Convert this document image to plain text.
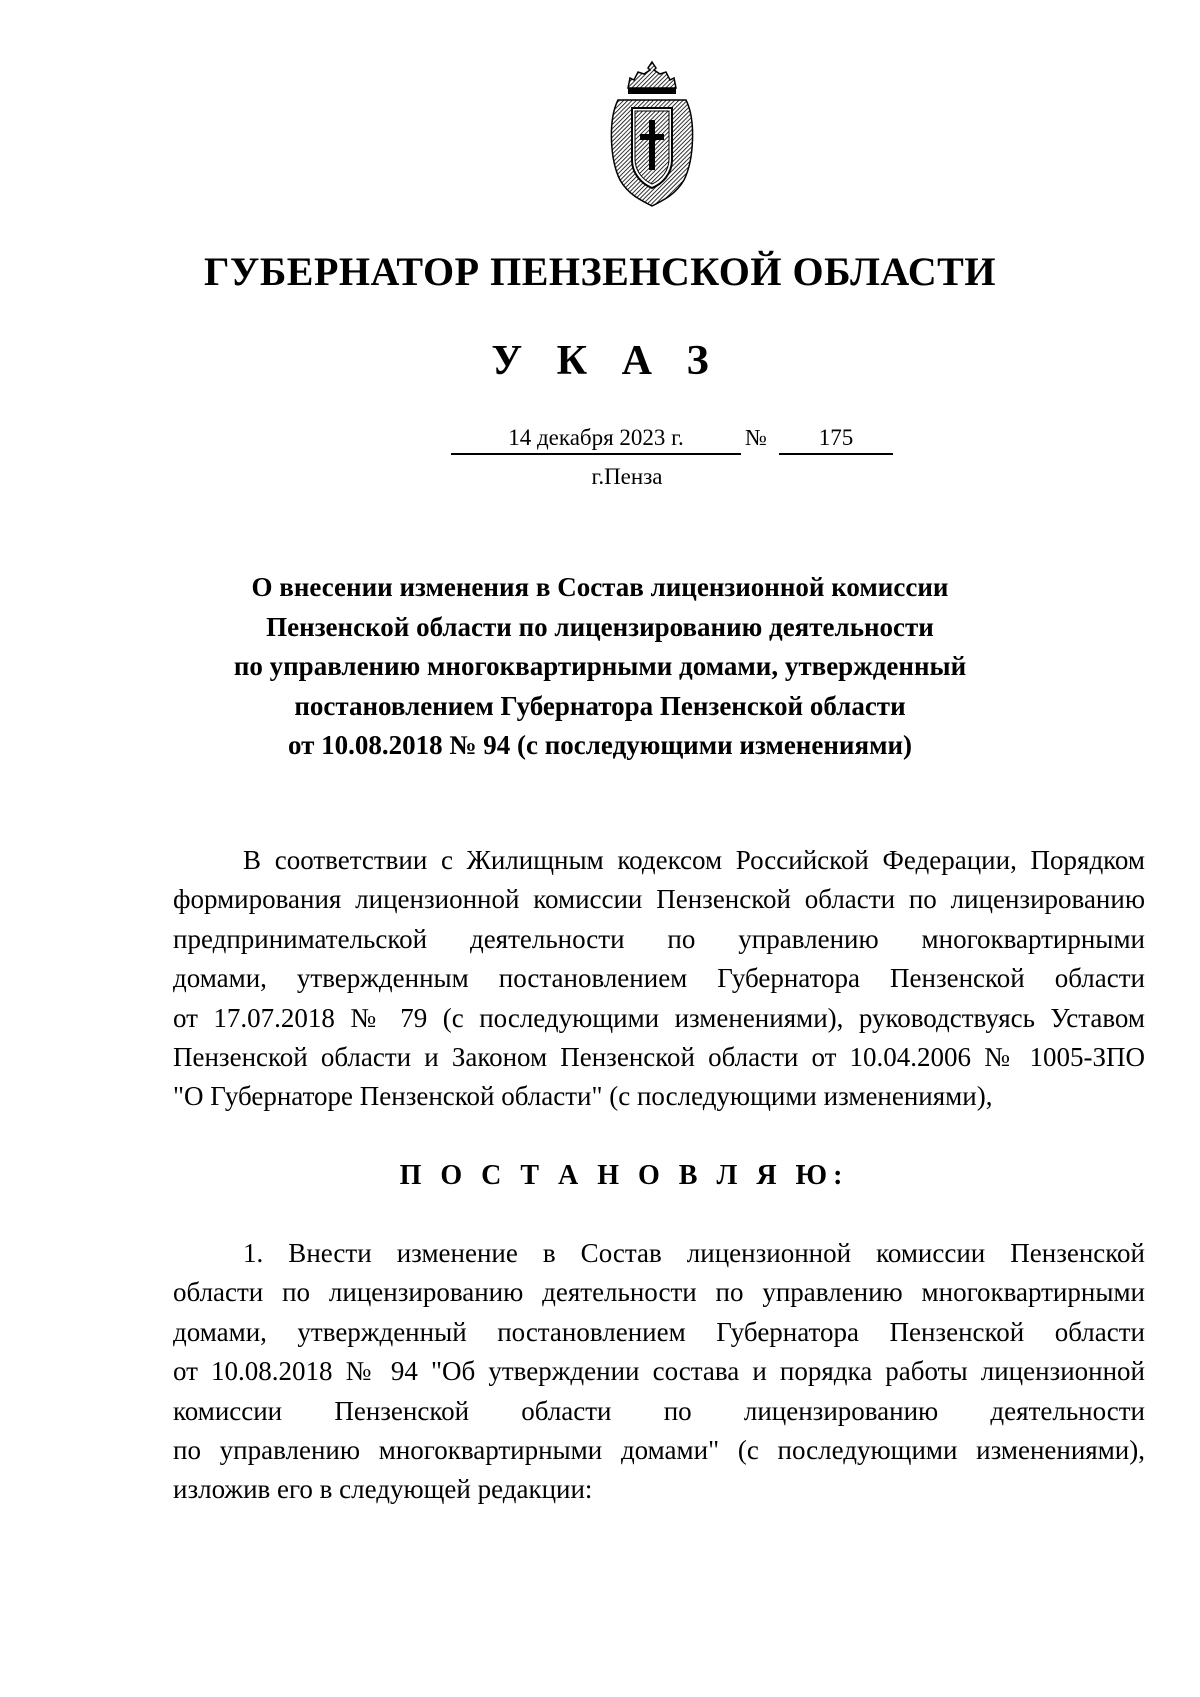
ГУБЕРНАТОР ПЕНЗЕНСКОЙ ОБЛАСТИ
У К А З
14 декабря 2023 г.	№	175
г.Пенза
О внесении изменения в Состав лицензионной комиссии
Пензенской области по лицензированию деятельности
по управлению многоквартирными домами, утвержденный
постановлением Губернатора Пензенской области
от 10.08.2018 № 94 (с последующими изменениями)
В соответствии с Жилищным кодексом Российской Федерации, Порядком
формирования лицензионной комиссии Пензенской области по лицензированию
предпринимательской деятельности по управлению многоквартирными
домами, утвержденным постановлением Губернатора Пензенской области
от 17.07.2018 № 79 (с последующими изменениями), руководствуясь Уставом
Пензенской области и Законом Пензенской области от 10.04.2006 № 1005-ЗПО
"О Губернаторе Пензенской области" (с последующими изменениями),
П О С Т А Н О В Л Я Ю:
1. Внести изменение в Состав лицензионной комиссии Пензенской
области по лицензированию деятельности по управлению многоквартирными
домами, утвержденный постановлением Губернатора Пензенской области
от 10.08.2018 № 94 "Об утверждении состава и порядка работы лицензионной
комиссии Пензенской области по лицензированию деятельности
по управлению многоквартирными домами" (с последующими изменениями),
изложив его в следующей редакции:
